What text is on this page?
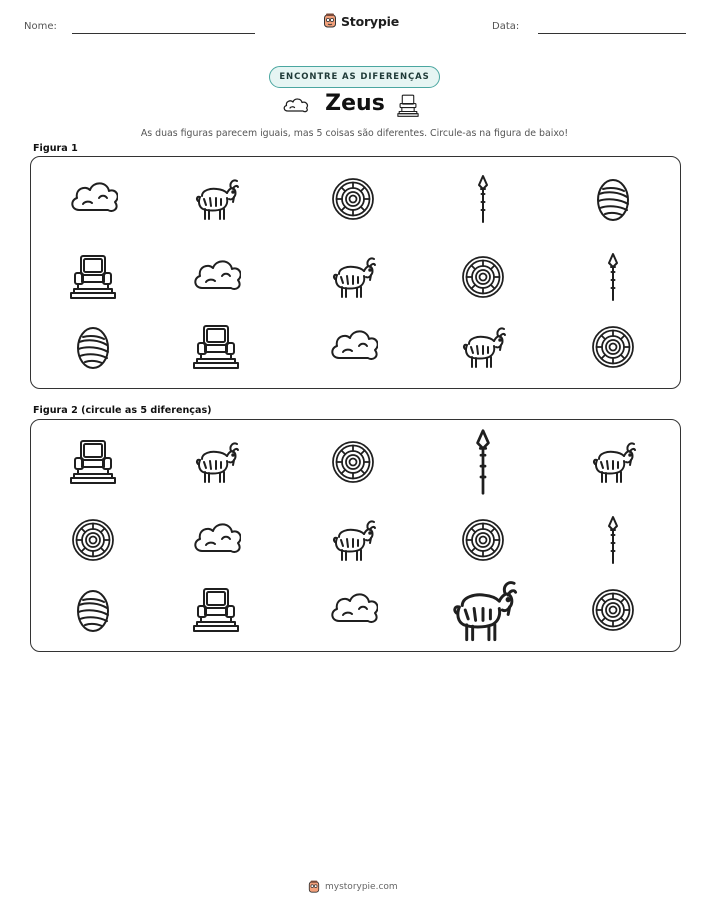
Nome:	Storypie	Data:
ENCONTRE AS DIFERENÇAS
Zeus
As duas figuras parecem iguais, mas 5 coisas são diferentes. Circule-as na figura de baixo!
Figura 1
Figura 2 (circule as 5 diferenças)
mystorypie.com
